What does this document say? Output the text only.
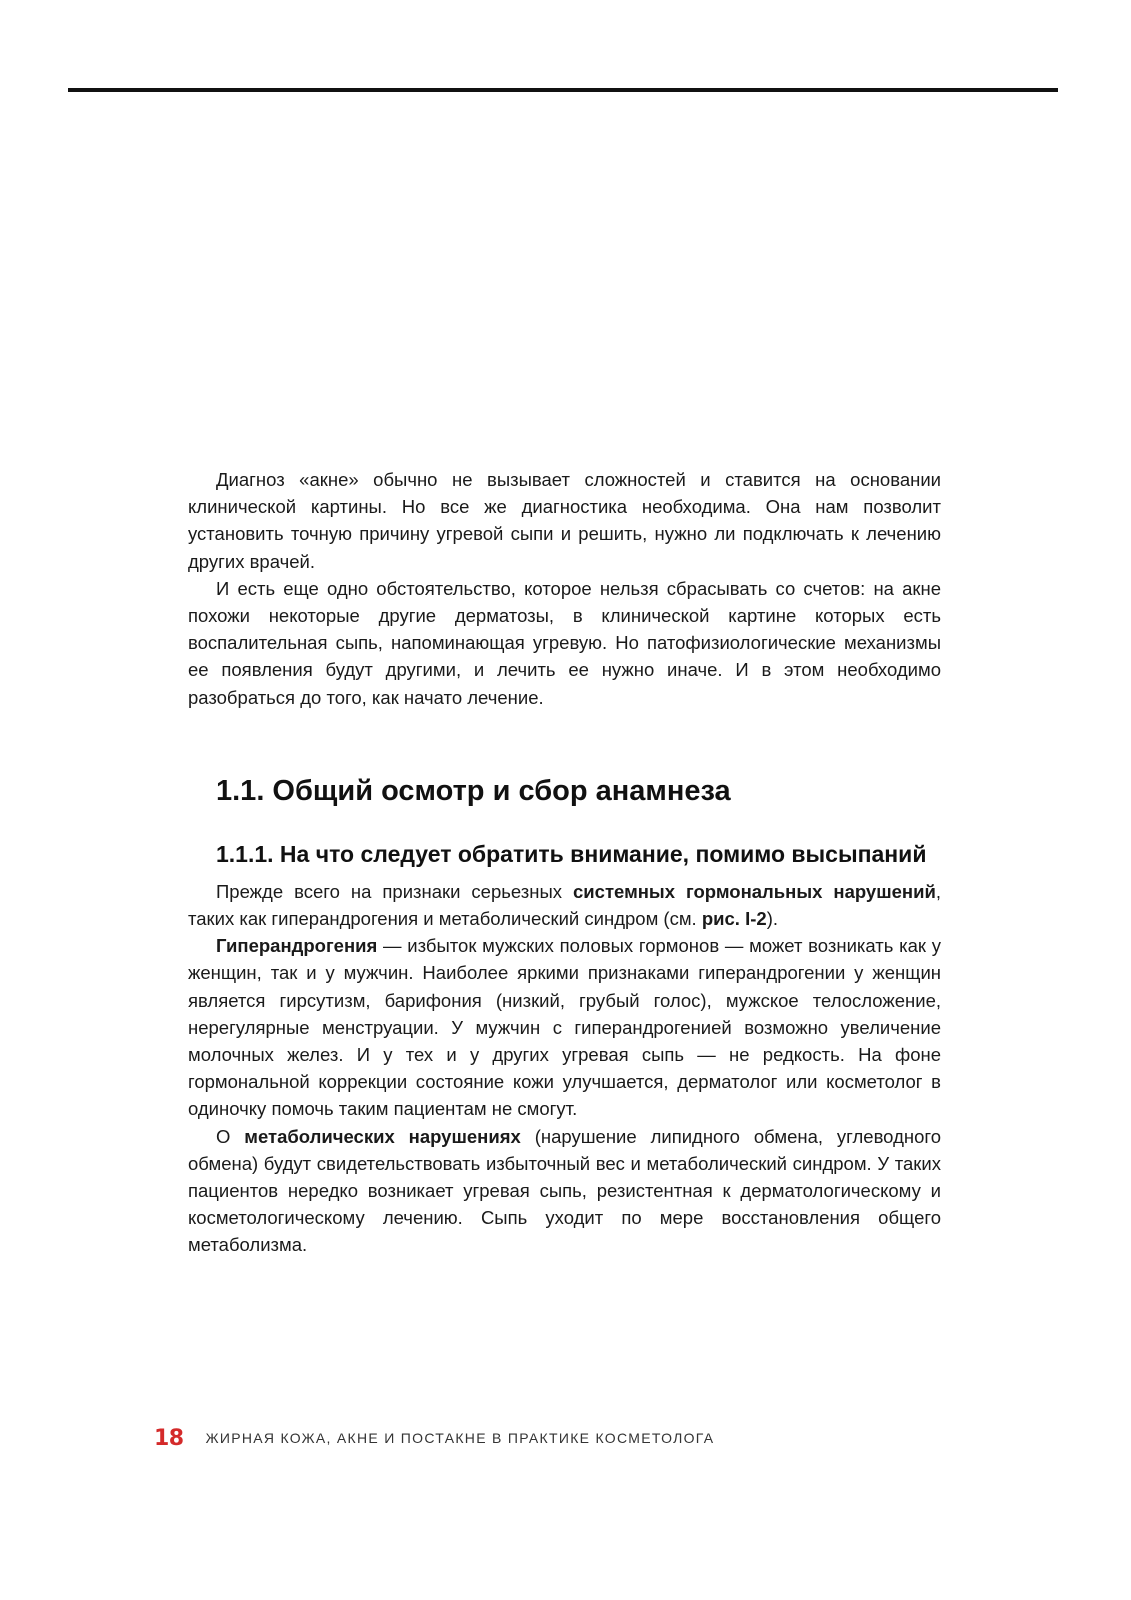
Диагноз «акне» обычно не вызывает сложностей и ставится на основании клинической картины. Но все же диагностика необходима. Она нам позволит установить точную причину угревой сыпи и решить, нужно ли подключать к лечению других врачей.

И есть еще одно обстоятельство, которое нельзя сбрасывать со счетов: на акне похожи некоторые другие дерматозы, в клинической картине которых есть воспалительная сыпь, напоминающая угревую. Но патофизиологические механизмы ее появления будут другими, и лечить ее нужно иначе. И в этом необходимо разобраться до того, как начато лечение.

1.1. Общий осмотр и сбор анамнеза
1.1.1. На что следует обратить внимание, помимо высыпаний

Прежде всего на признаки серьезных системных гормональных нарушений, таких как гиперандрогения и метаболический синдром (см. рис. I-2).

Гиперандрогения — избыток мужских половых гормонов — может возникать как у женщин, так и у мужчин. Наиболее яркими признаками гиперандрогении у женщин является гирсутизм, барифония (низкий, грубый голос), мужское телосложение, нерегулярные менструации. У мужчин с гиперандрогенией возможно увеличение молочных желез. И у тех и у других угревая сыпь — не редкость. На фоне гормональной коррекции состояние кожи улучшается, дерматолог или косметолог в одиночку помочь таким пациентам не смогут.

О метаболических нарушениях (нарушение липидного обмена, углеводного обмена) будут свидетельствовать избыточный вес и метаболический синдром. У таких пациентов нередко возникает угревая сыпь, резистентная к дерматологическому и косметологическому лечению. Сыпь уходит по мере восстановления общего метаболизма.

18 ЖИРНАЯ КОЖА, АКНЕ И ПОСТАКНЕ В ПРАКТИКЕ КОСМЕТОЛОГА
